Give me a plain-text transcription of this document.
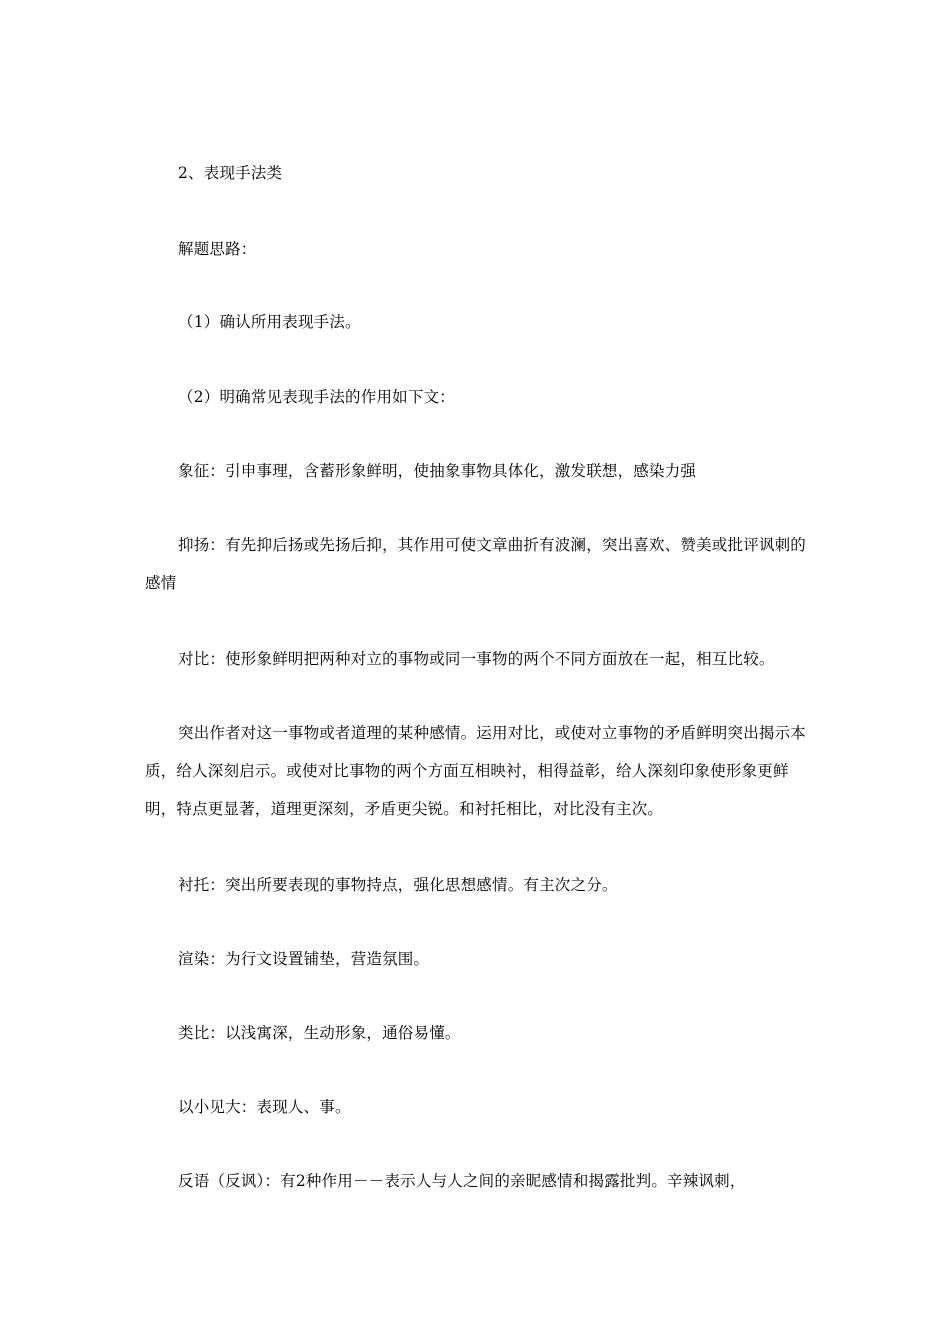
2、表现手法类

解题思路：

（1）确认所用表现手法。

（2）明确常见表现手法的作用如下文：

象征：引申事理，含蓄形象鲜明，使抽象事物具体化，激发联想，感染力强

抑扬：有先抑后扬或先扬后抑，其作用可使文章曲折有波澜，突出喜欢、赞美或批评讽刺的感情

对比：使形象鲜明把两种对立的事物或同一事物的两个不同方面放在一起，相互比较。

突出作者对这一事物或者道理的某种感情。运用对比，或使对立事物的矛盾鲜明突出揭示本质，给人深刻启示。或使对比事物的两个方面互相映衬，相得益彰，给人深刻印象使形象更鲜明，特点更显著，道理更深刻，矛盾更尖锐。和衬托相比，对比没有主次。

衬托：突出所要表现的事物持点，强化思想感情。有主次之分。

渲染：为行文设置铺垫，营造氛围。

类比：以浅寓深，生动形象，通俗易懂。

以小见大：表现人、事。

反语（反讽）：有2种作用－－表示人与人之间的亲昵感情和揭露批判。辛辣讽刺，
